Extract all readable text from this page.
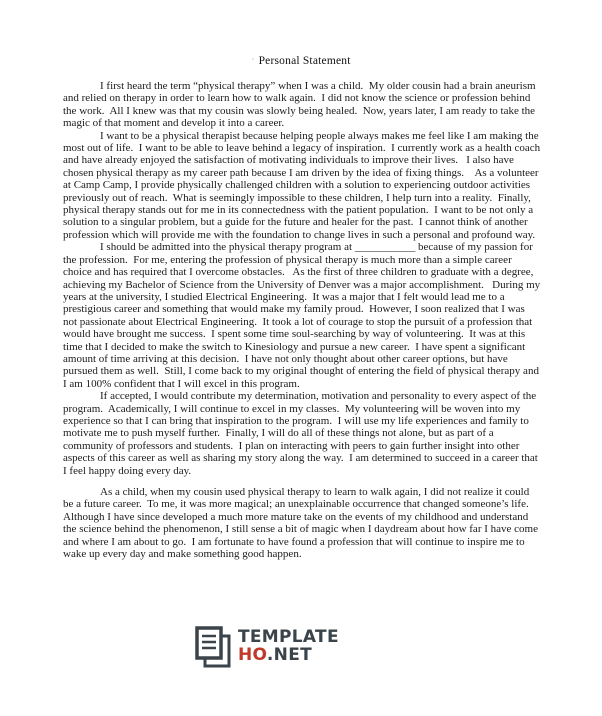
· Personal Statement

I first heard the term “physical therapy” when I was a child.  My older cousin had a brain aneurism and relied on therapy in order to learn how to walk again.  I did not know the science or profession behind the work.  All I knew was that my cousin was slowly being healed.  Now, years later, I am ready to take the magic of that moment and develop it into a career.

I want to be a physical therapist because helping people always makes me feel like I am making the most out of life.  I want to be able to leave behind a legacy of inspiration.  I currently work as a health coach and have already enjoyed the satisfaction of motivating individuals to improve their lives.   I also have chosen physical therapy as my career path because I am driven by the idea of fixing things.    As a volunteer at Camp Camp, I provide physically challenged children with a solution to experiencing outdoor activities previously out of reach.  What is seemingly impossible to these children, I help turn into a reality.  Finally, physical therapy stands out for me in its connectedness with the patient population.  I want to be not only a solution to a singular problem, but a guide for the future and healer for the past.  I cannot think of another profession which will provide me with the foundation to change lives in such a personal and profound way.

I should be admitted into the physical therapy program at ___________ because of my passion for the profession.  For me, entering the profession of physical therapy is much more than a simple career choice and has required that I overcome obstacles.   As the first of three children to graduate with a degree, achieving my Bachelor of Science from the University of Denver was a major accomplishment.   During my years at the university, I studied Electrical Engineering.  It was a major that I felt would lead me to a prestigious career and something that would make my family proud.  However, I soon realized that I was not passionate about Electrical Engineering.  It took a lot of courage to stop the pursuit of a profession that would have brought me success.  I spent some time soul-searching by way of volunteering.  It was at this time that I decided to make the switch to Kinesiology and pursue a new career.  I have spent a significant amount of time arriving at this decision.  I have not only thought about other career options, but have pursued them as well.  Still, I come back to my original thought of entering the field of physical therapy and I am 100% confident that I will excel in this program.

If accepted, I would contribute my determination, motivation and personality to every aspect of the program.  Academically, I will continue to excel in my classes.  My volunteering will be woven into my experience so that I can bring that inspiration to the program.  I will use my life experiences and family to motivate me to push myself further.  Finally, I will do all of these things not alone, but as part of a community of professors and students.  I plan on interacting with peers to gain further insight into other aspects of this career as well as sharing my story along the way.  I am determined to succeed in a career that I feel happy doing every day.

As a child, when my cousin used physical therapy to learn to walk again, I did not realize it could be a future career.  To me, it was more magical; an unexplainable occurrence that changed someone’s life.  Although I have since developed a much more mature take on the events of my childhood and understand the science behind the phenomenon, I still sense a bit of magic when I daydream about how far I have come and where I am about to go.  I am fortunate to have found a profession that will continue to inspire me to wake up every day and make something good happen.

TEMPLATE
HO.NET
